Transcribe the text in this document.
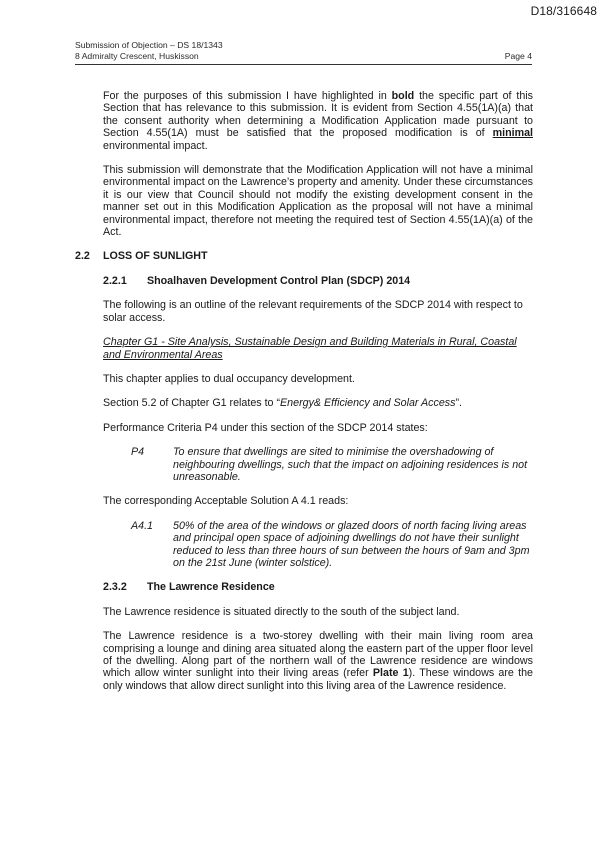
D18/316648
Submission of Objection – DS 18/1343
8 Admiralty Crescent, Huskisson	Page 4

For the purposes of this submission I have highlighted in bold the specific part of this Section that has relevance to this submission. It is evident from Section 4.55(1A)(a) that the consent authority when determining a Modification Application made pursuant to Section 4.55(1A) must be satisfied that the proposed modification is of minimal environmental impact.

This submission will demonstrate that the Modification Application will not have a minimal environmental impact on the Lawrence’s property and amenity. Under these circumstances it is our view that Council should not modify the existing development consent in the manner set out in this Modification Application as the proposal will not have a minimal environmental impact, therefore not meeting the required test of Section 4.55(1A)(a) of the Act.

2.2	LOSS OF SUNLIGHT
2.2.1	Shoalhaven Development Control Plan (SDCP) 2014

The following is an outline of the relevant requirements of the SDCP 2014 with respect to solar access.

Chapter G1 - Site Analysis, Sustainable Design and Building Materials in Rural, Coastal and Environmental Areas

This chapter applies to dual occupancy development.

Section 5.2 of Chapter G1 relates to “Energy& Efficiency and Solar Access”.

Performance Criteria P4 under this section of the SDCP 2014 states:

P4	To ensure that dwellings are sited to minimise the overshadowing of neighbouring dwellings, such that the impact on adjoining residences is not unreasonable.

The corresponding Acceptable Solution A 4.1 reads:

A4.1	50% of the area of the windows or glazed doors of north facing living areas and principal open space of adjoining dwellings do not have their sunlight reduced to less than three hours of sun between the hours of 9am and 3pm on the 21st June (winter solstice).
2.3.2	The Lawrence Residence

The Lawrence residence is situated directly to the south of the subject land.

The Lawrence residence is a two-storey dwelling with their main living room area comprising a lounge and dining area situated along the eastern part of the upper floor level of the dwelling. Along part of the northern wall of the Lawrence residence are windows which allow winter sunlight into their living areas (refer Plate 1). These windows are the only windows that allow direct sunlight into this living area of the Lawrence residence.
